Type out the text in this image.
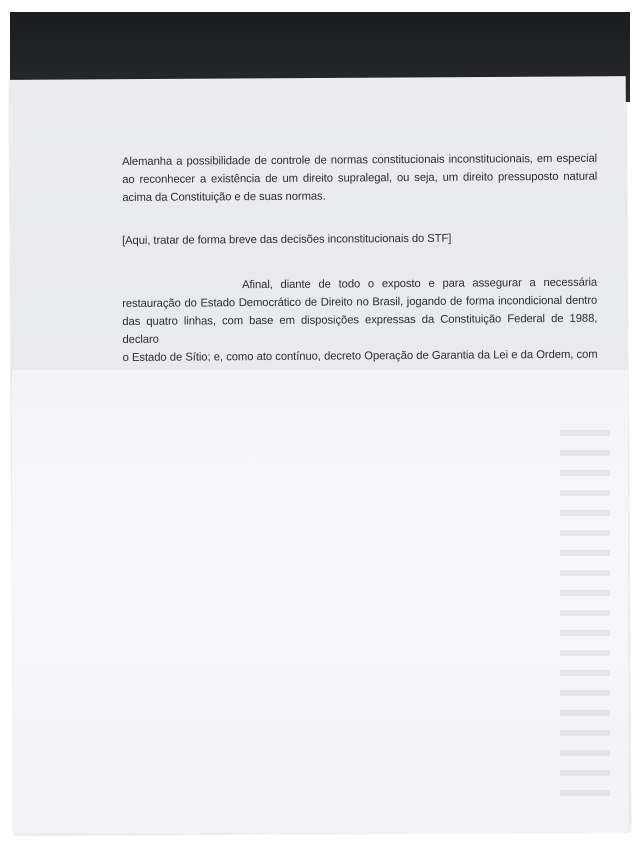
Alemanha a possibilidade de controle de normas constitucionais inconstitucionais, em especial
ao reconhecer a existência de um direito supralegal, ou seja, um direito pressuposto natural
acima da Constituição e de suas normas.
[Aqui, tratar de forma breve das decisões inconstitucionais do STF]
Afinal, diante de todo o exposto e para assegurar a necessária
restauração do Estado Democrático de Direito no Brasil, jogando de forma incondicional dentro
das quatro linhas, com base em disposições expressas da Constituição Federal de 1988, declaro
o Estado de Sítio; e, como ato contínuo, decreto Operação de Garantia da Lei e da Ordem, com
